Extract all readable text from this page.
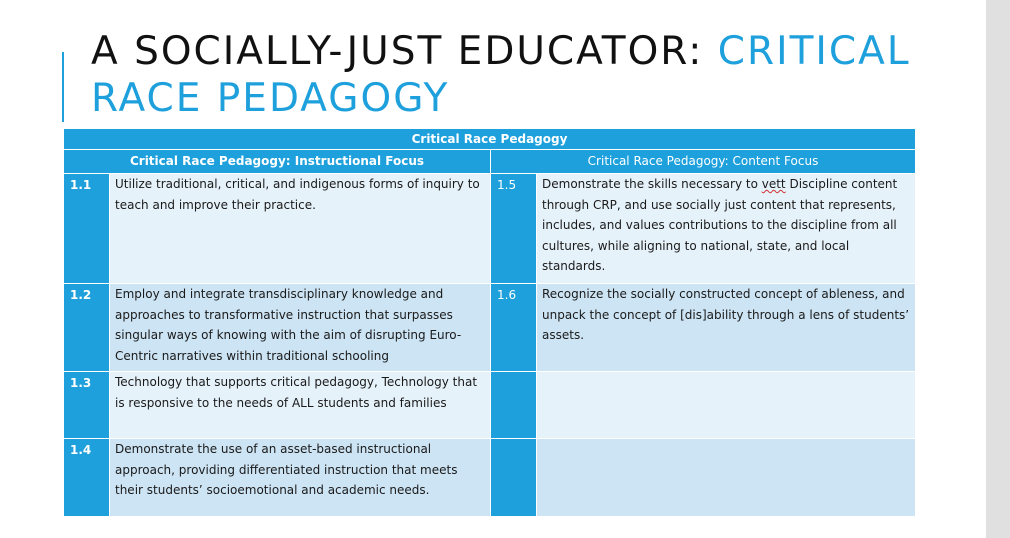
A SOCIALLY-JUST EDUCATOR: CRITICAL RACE PEDAGOGY
Critical Race Pedagogy			
Critical Race Pedagogy: Instructional Focus		Critical Race Pedagogy: Content Focus	
1.1	Utilize traditional, critical, and indigenous forms of inquiry to teach and improve their practice.	1.5	Demonstrate the skills necessary to vett Discipline content through CRP, and use socially just content that represents, includes, and values contributions to the discipline from all cultures, while aligning to national, state, and local standards.
1.2	Employ and integrate transdisciplinary knowledge and approaches to transformative instruction that surpasses singular ways of knowing with the aim of disrupting Euro-Centric narratives within traditional schooling	1.6	Recognize the socially constructed concept of ableness, and unpack the concept of [dis]ability through a lens of students’ assets.
1.3	Technology that supports critical pedagogy, Technology that is responsive to the needs of ALL students and families		
1.4	Demonstrate the use of an asset-based instructional approach, providing differentiated instruction that meets their students’ socioemotional and academic needs.		
